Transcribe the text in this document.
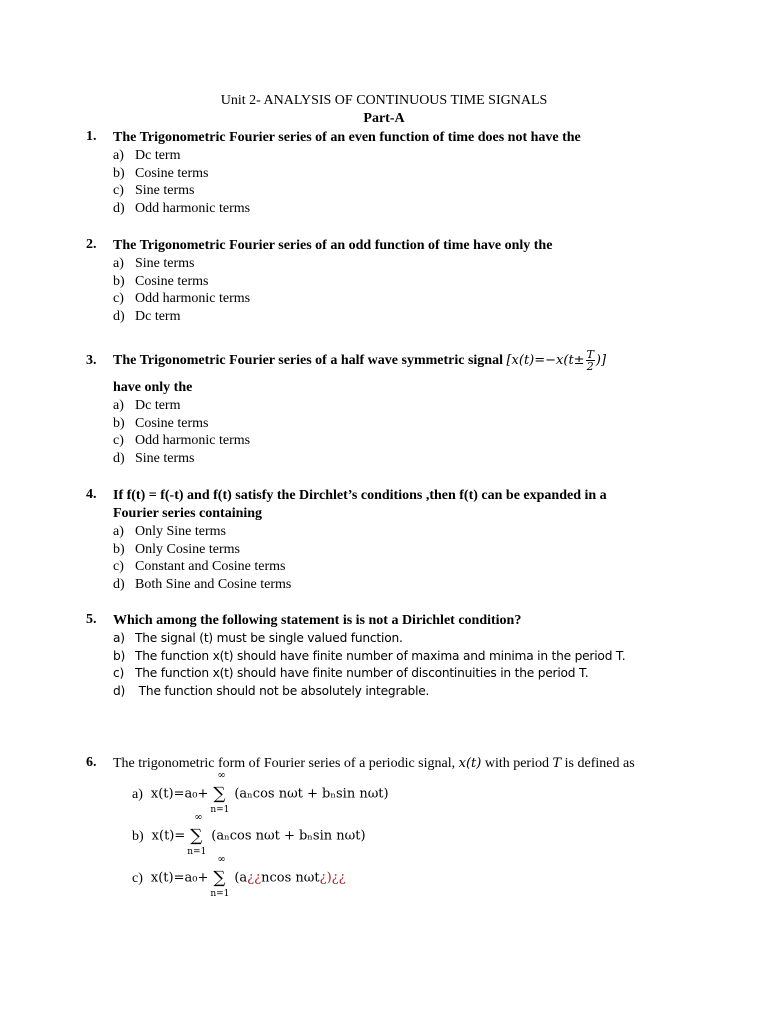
Unit 2- ANALYSIS OF CONTINUOUS TIME SIGNALS
Part-A
1. The Trigonometric Fourier series of an even function of time does not have the
a) Dc term
b) Cosine terms
c) Sine terms
d) Odd harmonic terms
2. The Trigonometric Fourier series of an odd function of time have only the
a) Sine terms
b) Cosine terms
c) Odd harmonic terms
d) Dc term
3. The Trigonometric Fourier series of a half wave symmetric signal [$x(t)=-x(t\pm \frac{T}{2}$ )]
have only the
a) Dc term
b) Cosine terms
c) Odd harmonic terms
d) Sine terms
4. If f(t) = f(-t) and f(t) satisfy the Dirchlet’s conditions ,then f(t) can be expanded in a
Fourier series containing
a) Only Sine terms
b) Only Cosine terms
c) Constant and Cosine terms
d) Both Sine and Cosine terms
5. Which among the following statement is is not a Dirichlet condition?
a) The signal (t) must be single valued function.
b) The function x(t) should have finite number of maxima and minima in the period T.
c) The function x(t) should have finite number of discontinuities in the period T.
d) The function should not be absolutely integrable.
6. The trigonometric form of Fourier series of a periodic signal, x(t) with period T is defined as
a) x(t)=a₀+ ∑
∞
n=1
(aₙcos nωt + bₙsin nωt)
b) x(t)= ∑
∞
n=1
(aₙcos nωt + bₙsin nωt)
c) x(t)=a₀+ ∑
∞
n=1
(a¿¿ncos nωt¿)¿¿
